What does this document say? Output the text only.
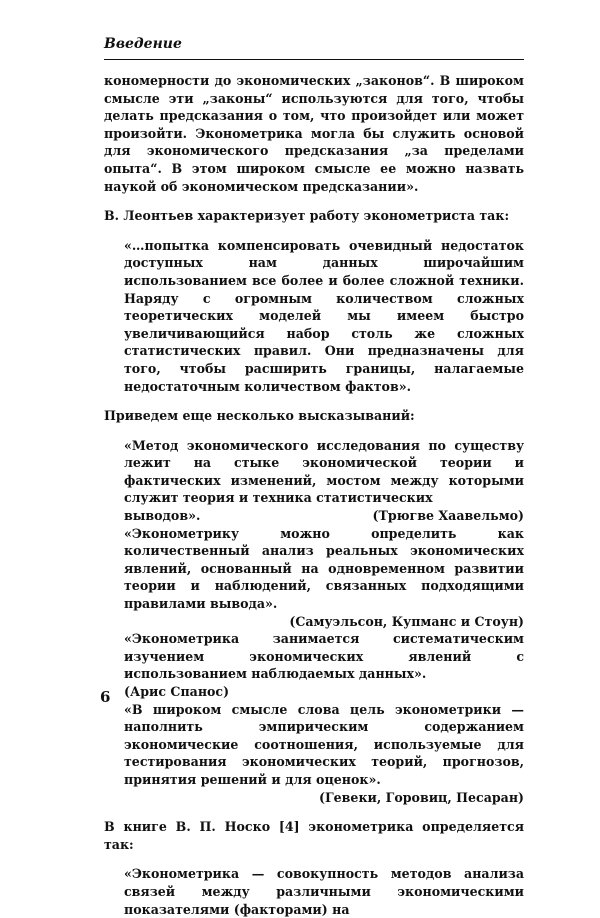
Введение

кономерности до экономических „законов“. В широком смысле эти „законы“ используются для того, чтобы делать предсказания о том, что произойдет или может произойти. Эконометрика могла бы служить основой для экономического предсказания „за пределами опыта“. В этом широком смысле ее можно назвать наукой об экономическом предсказании».

В. Леонтьев характеризует работу эконометриста так:

«…попытка компенсировать очевидный недостаток доступных нам данных широчайшим использованием все более и более сложной техники. Наряду с огромным количеством сложных теоретических моделей мы имеем быстро увеличивающийся набор столь же сложных статистических правил. Они предназначены для того, чтобы расширить границы, налагаемые недостаточным количеством фактов».

Приведем еще несколько высказываний:

«Метод экономического исследования по существу лежит на стыке экономической теории и фактических изменений, мостом между которыми служит теория и техника статистических

выводов».	(Трюгве Хаавельмо)

«Эконометрику можно определить как количественный анализ реальных экономических явлений, основанный на одновременном развитии теории и наблюдений, связанных подходящими правилами вывода».

(Самуэльсон, Купманс и Стоун)

«Эконометрика занимается систематическим изучением экономических явлений с использованием наблюдаемых данных».

(Арис Спанос)

«В широком смысле слова цель эконометрики — наполнить эмпирическим содержанием экономические соотношения, используемые для тестирования экономических теорий, прогнозов, принятия решений и для оценок».

(Гевеки, Горовиц, Песаран)

В книге В. П. Носко [4] эконометрика определяется так:

«Эконометрика — совокупность методов анализа связей между различными экономическими показателями (факторами) на

6
